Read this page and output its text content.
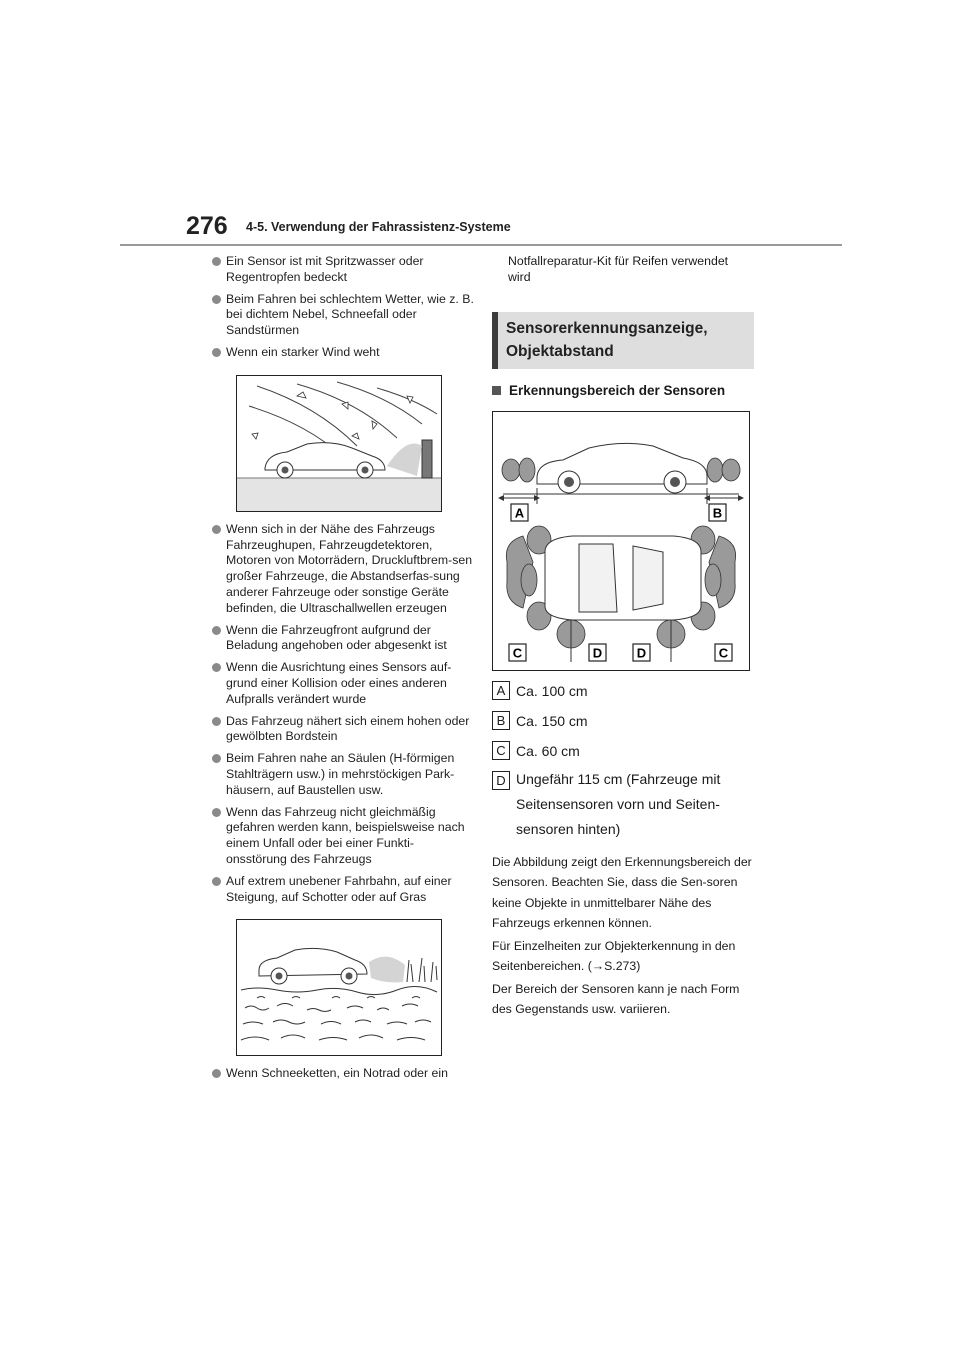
276 4-5. Verwendung der Fahrassistenz-Systeme
Ein Sensor ist mit Spritzwasser oder Regentropfen bedeckt
Beim Fahren bei schlechtem Wetter, wie z. B. bei dichtem Nebel, Schneefall oder Sandstürmen
Wenn ein starker Wind weht
Wenn sich in der Nähe des Fahrzeugs Fahrzeughupen, Fahrzeugdetektoren, Motoren von Motorrädern, Druckluftbrem-sen großer Fahrzeuge, die Abstandserfas-sung anderer Fahrzeuge oder sonstige Geräte befinden, die Ultraschallwellen erzeugen
Wenn die Fahrzeugfront aufgrund der Beladung angehoben oder abgesenkt ist
Wenn die Ausrichtung eines Sensors auf-grund einer Kollision oder eines anderen Aufpralls verändert wurde
Das Fahrzeug nähert sich einem hohen oder gewölbten Bordstein
Beim Fahren nahe an Säulen (H-förmigen Stahlträgern usw.) in mehrstöckigen Park-häusern, auf Baustellen usw.
Wenn das Fahrzeug nicht gleichmäßig gefahren werden kann, beispielsweise nach einem Unfall oder bei einer Funkti-onsstörung des Fahrzeugs
Auf extrem unebener Fahrbahn, auf einer Steigung, auf Schotter oder auf Gras
Wenn Schneeketten, ein Notrad oder ein
Notfallreparatur-Kit für Reifen verwendet wird
Sensorerkennungsanzeige,
Objektabstand
Erkennungsbereich der Sensoren
A	B
C	D	D	C
A Ca. 100 cm
B Ca. 150 cm
C Ca. 60 cm
D Ungefähr 115 cm (Fahrzeuge mit Seitensensoren vorn und Seiten-sensoren hinten)
Die Abbildung zeigt den Erkennungsbereich der Sensoren. Beachten Sie, dass die Sen-soren keine Objekte in unmittelbarer Nähe des Fahrzeugs erkennen können.
Für Einzelheiten zur Objekterkennung in den Seitenbereichen. (→S.273)
Der Bereich der Sensoren kann je nach Form des Gegenstands usw. variieren.
